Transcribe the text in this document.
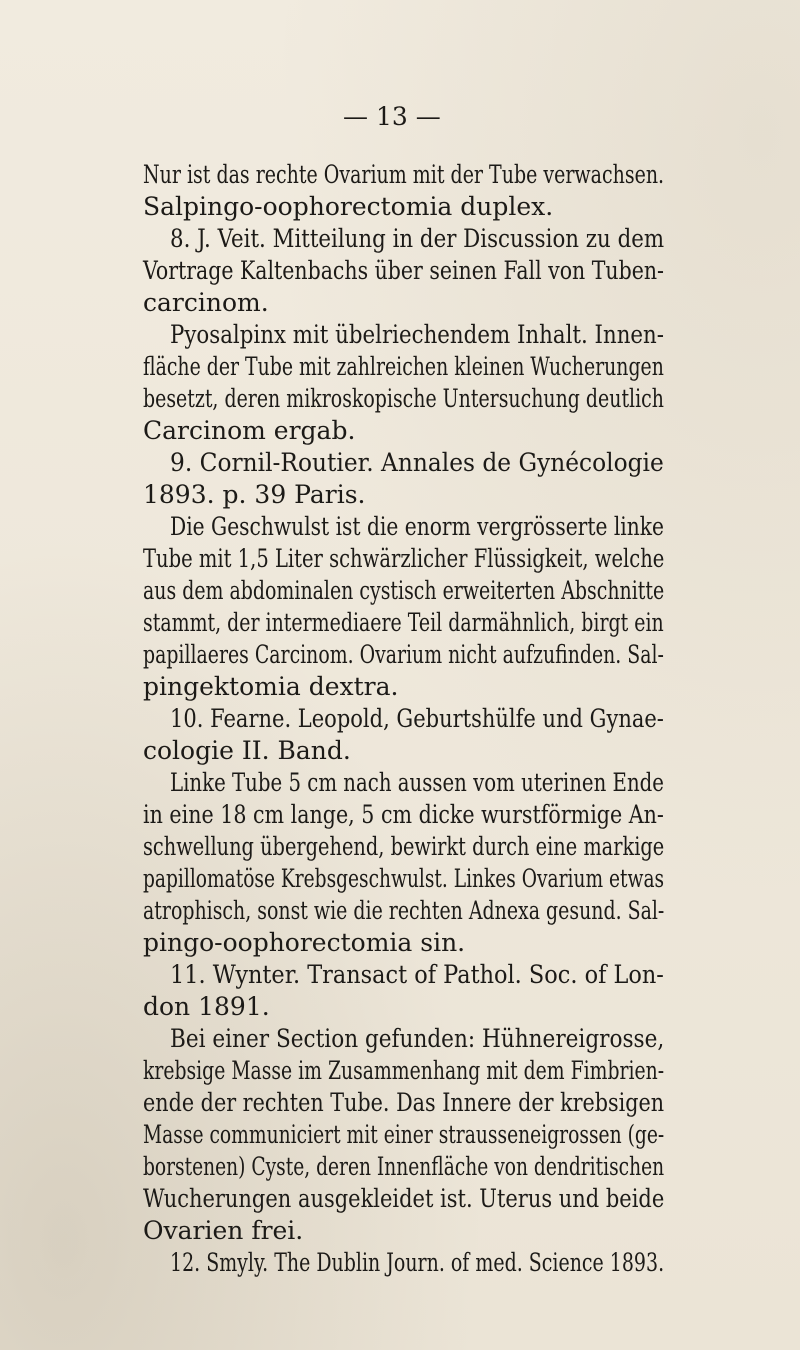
— 13 —
Nur ist das rechte Ovarium mit der Tube verwachsen.
Salpingo-oophorectomia duplex.
8. J. Veit. Mitteilung in der Discussion zu dem
Vortrage Kaltenbachs über seinen Fall von Tuben-
carcinom.
Pyosalpinx mit übelriechendem Inhalt. Innen-
fläche der Tube mit zahlreichen kleinen Wucherungen
besetzt, deren mikroskopische Untersuchung deutlich
Carcinom ergab.
9. Cornil-Routier. Annales de Gynécologie
1893. p. 39 Paris.
Die Geschwulst ist die enorm vergrösserte linke
Tube mit 1,5 Liter schwärzlicher Flüssigkeit, welche
aus dem abdominalen cystisch erweiterten Abschnitte
stammt, der intermediaere Teil darmähnlich, birgt ein
papillaeres Carcinom. Ovarium nicht aufzufinden. Sal-
pingektomia dextra.
10. Fearne. Leopold, Geburtshülfe und Gynae-
cologie II. Band.
Linke Tube 5 cm nach aussen vom uterinen Ende
in eine 18 cm lange, 5 cm dicke wurstförmige An-
schwellung übergehend, bewirkt durch eine markige
papillomatöse Krebsgeschwulst. Linkes Ovarium etwas
atrophisch, sonst wie die rechten Adnexa gesund. Sal-
pingo-oophorectomia sin.
11. Wynter. Transact of Pathol. Soc. of Lon-
don 1891.
Bei einer Section gefunden: Hühnereigrosse,
krebsige Masse im Zusammenhang mit dem Fimbrien-
ende der rechten Tube. Das Innere der krebsigen
Masse communiciert mit einer strausseneigrossen (ge-
borstenen) Cyste, deren Innenfläche von dendritischen
Wucherungen ausgekleidet ist. Uterus und beide
Ovarien frei.
12. Smyly. The Dublin Journ. of med. Science 1893.
